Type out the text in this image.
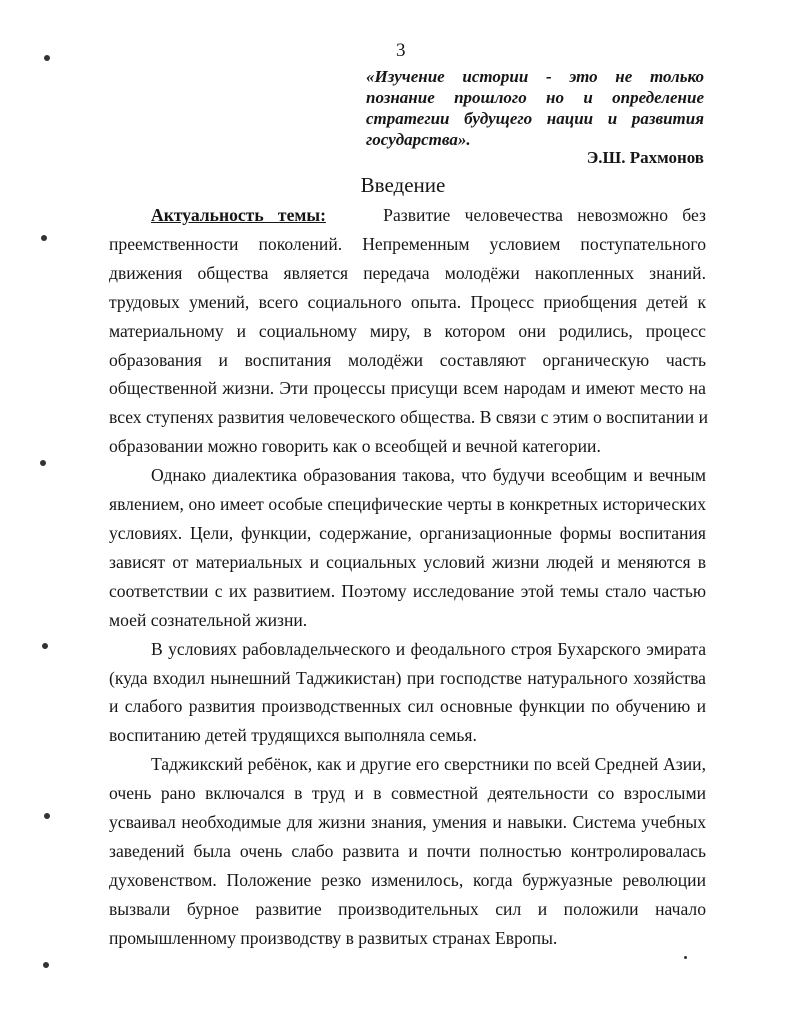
3
«Изучение истории - это не только
познание прошлого но и определение
стратегии будущего нации и развития
государства».
Э.Ш. Рахмонов
Введение
Актуальность темы:	Развитие человечества невозможно без
преемственности поколений. Непременным условием поступательного
движения общества является передача молодёжи накопленных знаний.
трудовых умений, всего социального опыта. Процесс приобщения детей к
материальному и социальному миру, в котором они родились, процесс
образования и воспитания молодёжи составляют органическую часть
общественной жизни. Эти процессы присущи всем народам и имеют место на
всех ступенях развития человеческого общества. В связи с этим о воспитании и
образовании можно говорить как о всеобщей и вечной категории.
Однако диалектика образования такова, что будучи всеобщим и вечным
явлением, оно имеет особые специфические черты в конкретных исторических
условиях. Цели, функции, содержание, организационные формы воспитания
зависят от материальных и социальных условий жизни людей и меняются в
соответствии с их развитием. Поэтому исследование этой темы стало частью
моей сознательной жизни.
В условиях рабовладельческого и феодального строя Бухарского эмирата
(куда входил нынешний Таджикистан) при господстве натурального хозяйства
и слабого развития производственных сил основные функции по обучению и
воспитанию детей трудящихся выполняла семья.
Таджикский ребёнок, как и другие его сверстники по всей Средней Азии,
очень рано включался в труд и в совместной деятельности со взрослыми
усваивал необходимые для жизни знания, умения и навыки. Система учебных
заведений была очень слабо развита и почти полностью контролировалась
духовенством. Положение резко изменилось, когда буржуазные революции
вызвали бурное развитие производительных сил и положили начало
промышленному производству в развитых странах Европы.
